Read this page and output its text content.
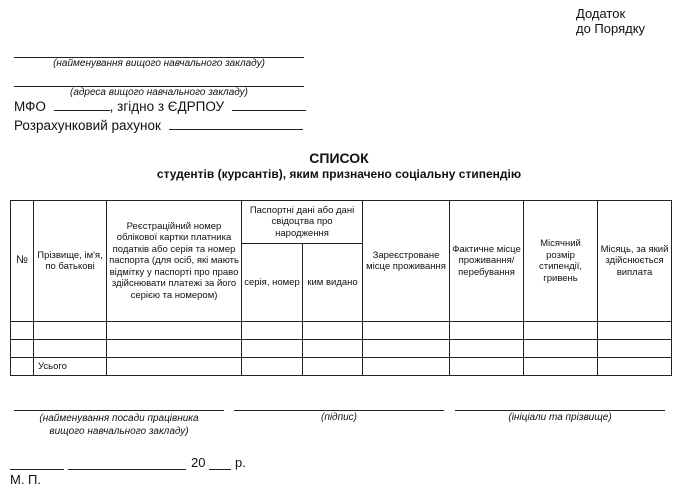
Додаток
до Порядку
(найменування вищого навчального закладу)
(адреса вищого навчального закладу)
МФО	, згідно з ЄДРПОУ
Розрахунковий рахунок
СПИСОК
студентів (курсантів), яким призначено соціальну стипендію
№	Прізвище, ім'я, по батькові	Реєстраційний номер облікової картки платника податків або серія та номер паспорта (для осіб, які мають відмітку у паспорті про право здійснювати платежі за його серією та номером)	Паспортні дані або дані свідоцтва про народження		Зареєстроване місце проживання	Фактичне місце проживання/ перебування	Місячний розмір стипендії, гривень	Місяць, за який здійснюється виплата
			серія, номер	ким видано				

	Усього							
(найменування посади працівника вищого навчального закладу)
(підпис)	(ініціали та прізвище)
20 р.
М. П.
